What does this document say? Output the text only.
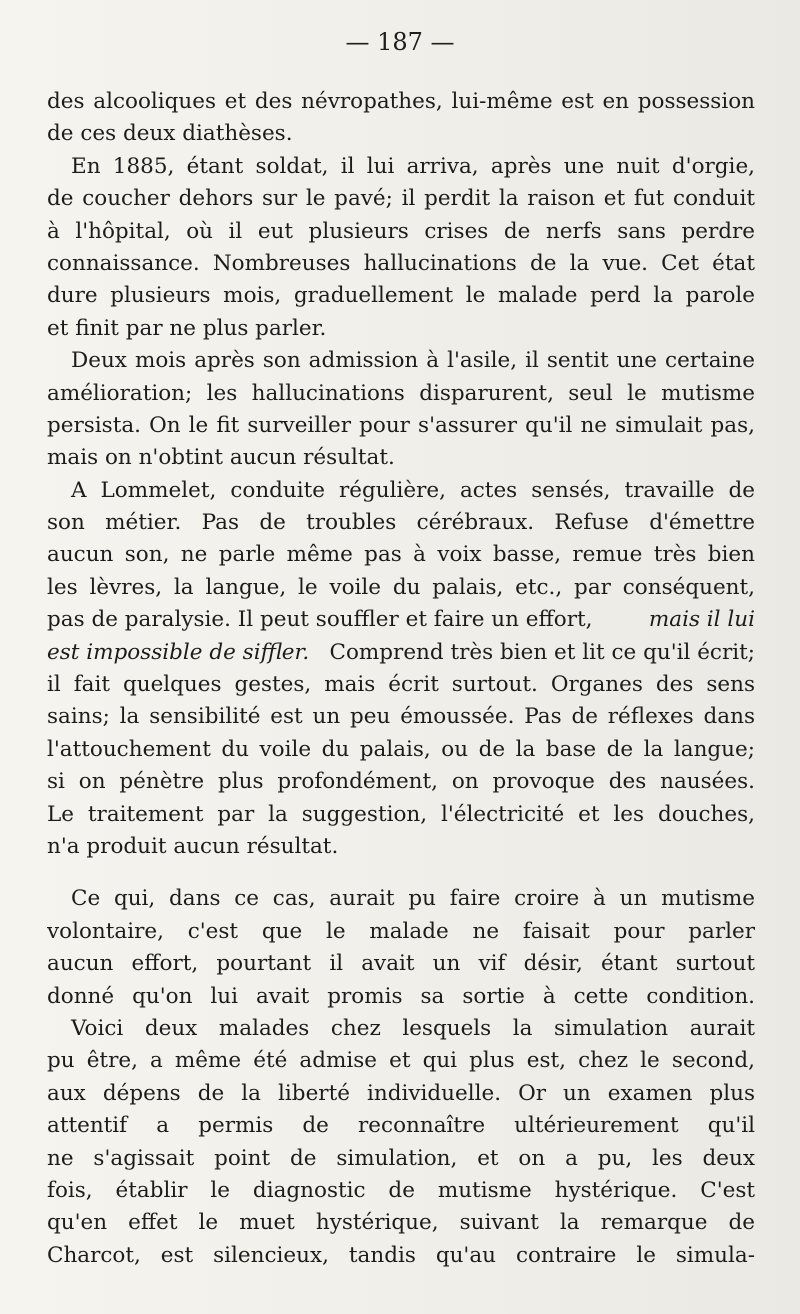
— 187 —
des alcooliques et des névropathes, lui-même est en possession
de ces deux diathèses.
En 1885, étant soldat, il lui arriva, après une nuit d'orgie,
de coucher dehors sur le pavé; il perdit la raison et fut conduit
à l'hôpital, où il eut plusieurs crises de nerfs sans perdre
connaissance. Nombreuses hallucinations de la vue. Cet état
dure plusieurs mois, graduellement le malade perd la parole
et finit par ne plus parler.
Deux mois après son admission à l'asile, il sentit une certaine
amélioration; les hallucinations disparurent, seul le mutisme
persista. On le fit surveiller pour s'assurer qu'il ne simulait pas,
mais on n'obtint aucun résultat.
A Lommelet, conduite régulière, actes sensés, travaille de
son métier. Pas de troubles cérébraux. Refuse d'émettre
aucun son, ne parle même pas à voix basse, remue très bien
les lèvres, la langue, le voile du palais, etc., par conséquent,
pas de paralysie. Il peut souffler et faire un effort,	mais il lui
est impossible de siffler. Comprend très bien et lit ce qu'il écrit;
il fait quelques gestes, mais écrit surtout. Organes des sens
sains; la sensibilité est un peu émoussée. Pas de réflexes dans
l'attouchement du voile du palais, ou de la base de la langue;
si on pénètre plus profondément, on provoque des nausées.
Le traitement par la suggestion, l'électricité et les douches,
n'a produit aucun résultat.
Ce qui, dans ce cas, aurait pu faire croire à un mutisme
volontaire, c'est que le malade ne faisait pour parler
aucun effort, pourtant il avait un vif désir, étant surtout
donné qu'on lui avait promis sa sortie à cette condition.
Voici deux malades chez lesquels la simulation aurait
pu être, a même été admise et qui plus est, chez le second,
aux dépens de la liberté individuelle. Or un examen plus
attentif a permis de reconnaître ultérieurement qu'il
ne s'agissait point de simulation, et on a pu, les deux
fois, établir le diagnostic de mutisme hystérique. C'est
qu'en effet le muet hystérique, suivant la remarque de
Charcot, est silencieux, tandis qu'au contraire le simula-
